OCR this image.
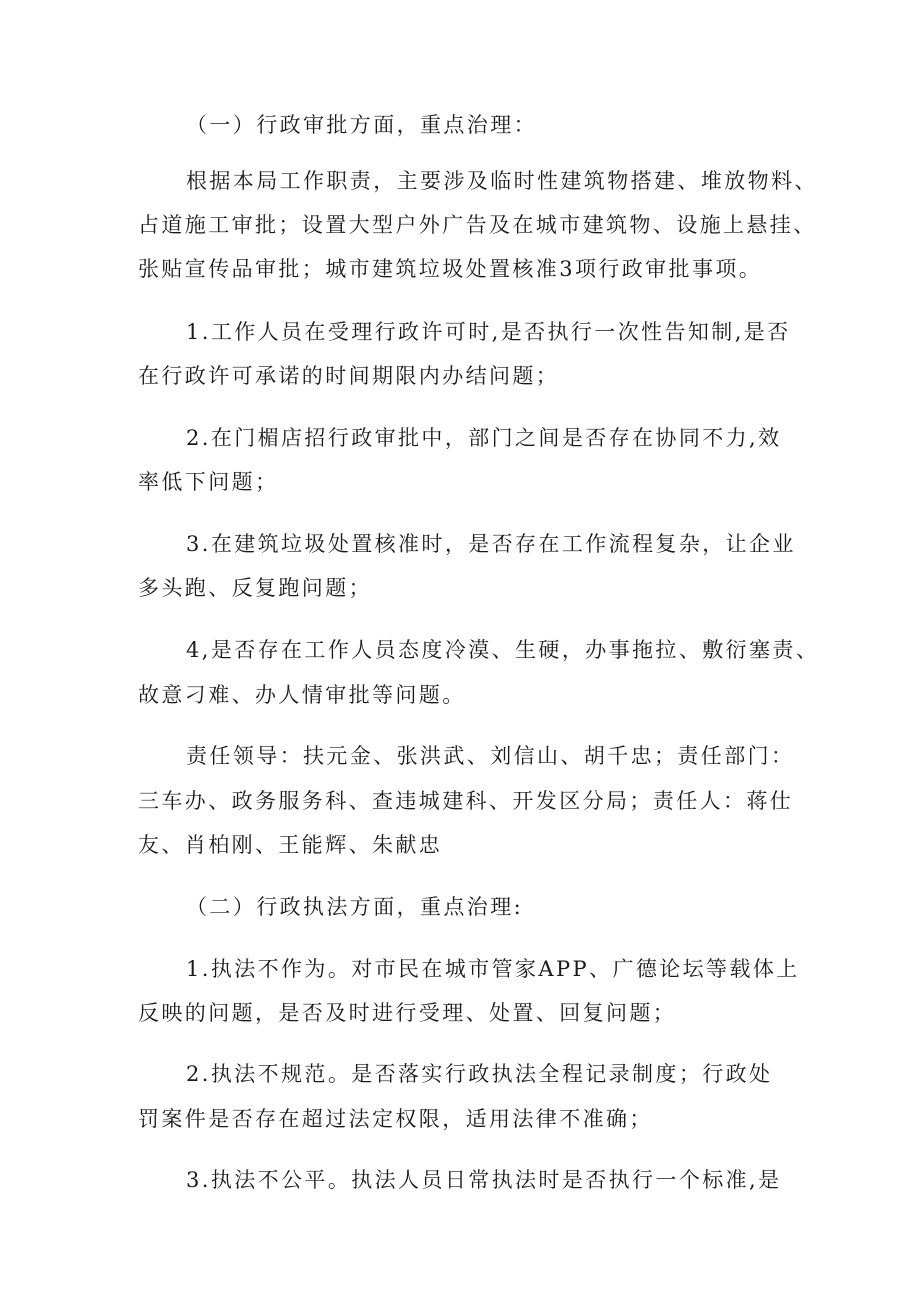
（一）行政审批方面，重点治理：
根据本局工作职责，主要涉及临时性建筑物搭建、堆放物料、
占道施工审批；设置大型户外广告及在城市建筑物、设施上悬挂、
张贴宣传品审批；城市建筑垃圾处置核准3项行政审批事项。
1.工作人员在受理行政许可时,是否执行一次性告知制,是否
在行政许可承诺的时间期限内办结问题；
2.在门楣店招行政审批中，部门之间是否存在协同不力,效
率低下问题；
3.在建筑垃圾处置核准时，是否存在工作流程复杂，让企业
多头跑、反复跑问题；
4,是否存在工作人员态度冷漠、生硬，办事拖拉、敷衍塞责、
故意刁难、办人情审批等问题。
责任领导：扶元金、张洪武、刘信山、胡千忠；责任部门：
三车办、政务服务科、查违城建科、开发区分局；责任人：蒋仕
友、肖柏刚、王能辉、朱献忠
（二）行政执法方面，重点治理:
1.执法不作为。对市民在城市管家APP、广德论坛等载体上
反映的问题，是否及时进行受理、处置、回复问题；
2.执法不规范。是否落实行政执法全程记录制度；行政处
罚案件是否存在超过法定权限，适用法律不准确；
3.执法不公平。执法人员日常执法时是否执行一个标准,是
